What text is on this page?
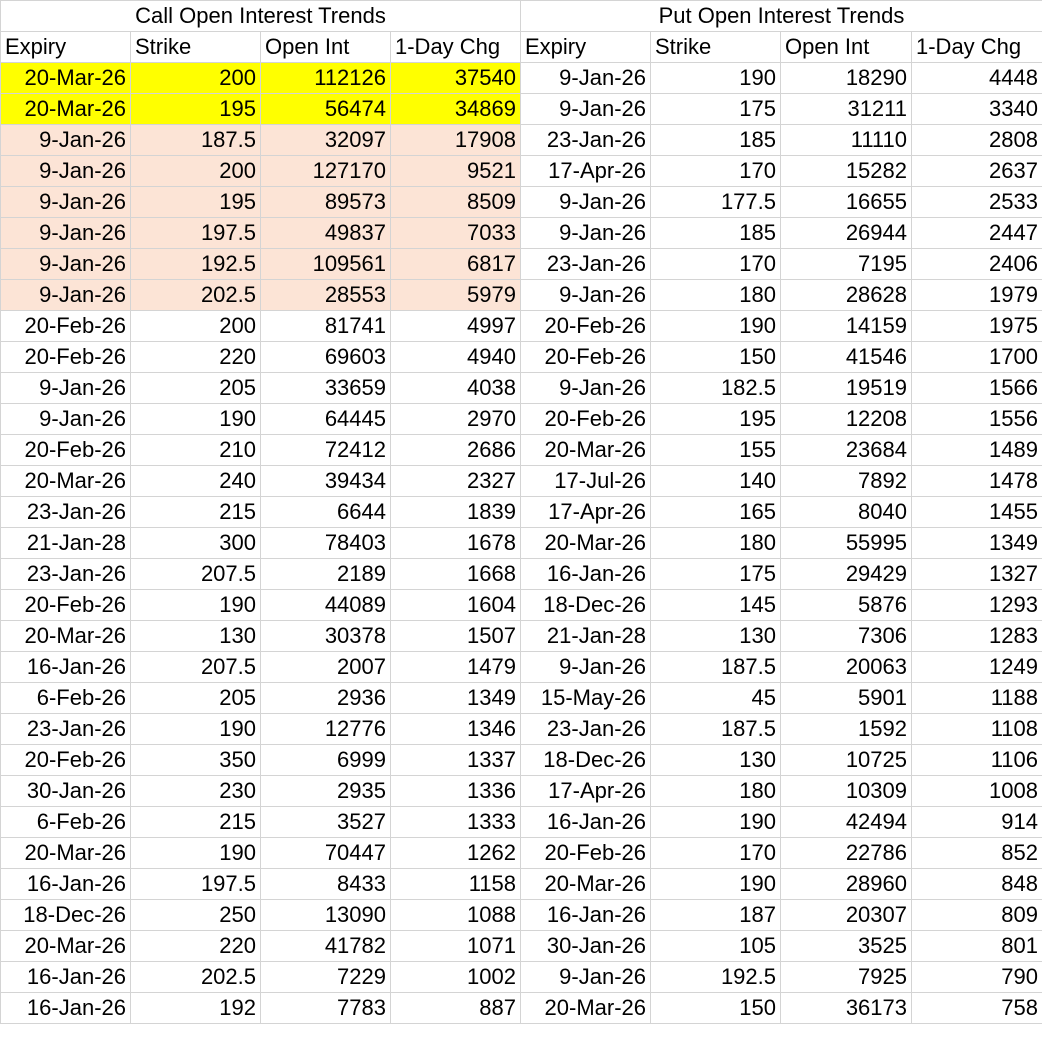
Call Open Interest Trends				Put Open Interest Trends			
Expiry	Strike	Open Int	1-Day Chg	Expiry	Strike	Open Int	1-Day Chg
20-Mar-26	200	112126	37540	9-Jan-26	190	18290	4448
20-Mar-26	195	56474	34869	9-Jan-26	175	31211	3340
9-Jan-26	187.5	32097	17908	23-Jan-26	185	11110	2808
9-Jan-26	200	127170	9521	17-Apr-26	170	15282	2637
9-Jan-26	195	89573	8509	9-Jan-26	177.5	16655	2533
9-Jan-26	197.5	49837	7033	9-Jan-26	185	26944	2447
9-Jan-26	192.5	109561	6817	23-Jan-26	170	7195	2406
9-Jan-26	202.5	28553	5979	9-Jan-26	180	28628	1979
20-Feb-26	200	81741	4997	20-Feb-26	190	14159	1975
20-Feb-26	220	69603	4940	20-Feb-26	150	41546	1700
9-Jan-26	205	33659	4038	9-Jan-26	182.5	19519	1566
9-Jan-26	190	64445	2970	20-Feb-26	195	12208	1556
20-Feb-26	210	72412	2686	20-Mar-26	155	23684	1489
20-Mar-26	240	39434	2327	17-Jul-26	140	7892	1478
23-Jan-26	215	6644	1839	17-Apr-26	165	8040	1455
21-Jan-28	300	78403	1678	20-Mar-26	180	55995	1349
23-Jan-26	207.5	2189	1668	16-Jan-26	175	29429	1327
20-Feb-26	190	44089	1604	18-Dec-26	145	5876	1293
20-Mar-26	130	30378	1507	21-Jan-28	130	7306	1283
16-Jan-26	207.5	2007	1479	9-Jan-26	187.5	20063	1249
6-Feb-26	205	2936	1349	15-May-26	45	5901	1188
23-Jan-26	190	12776	1346	23-Jan-26	187.5	1592	1108
20-Feb-26	350	6999	1337	18-Dec-26	130	10725	1106
30-Jan-26	230	2935	1336	17-Apr-26	180	10309	1008
6-Feb-26	215	3527	1333	16-Jan-26	190	42494	914
20-Mar-26	190	70447	1262	20-Feb-26	170	22786	852
16-Jan-26	197.5	8433	1158	20-Mar-26	190	28960	848
18-Dec-26	250	13090	1088	16-Jan-26	187	20307	809
20-Mar-26	220	41782	1071	30-Jan-26	105	3525	801
16-Jan-26	202.5	7229	1002	9-Jan-26	192.5	7925	790
16-Jan-26	192	7783	887	20-Mar-26	150	36173	758
